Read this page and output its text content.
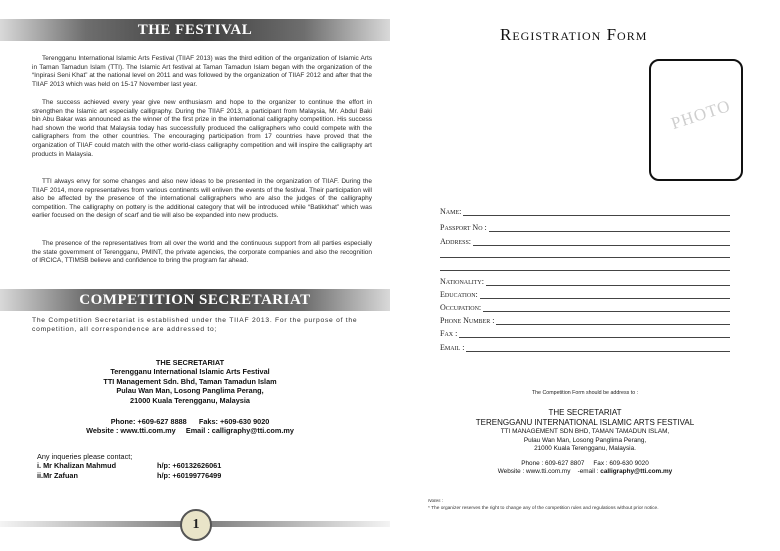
THE FESTIVAL

Terengganu International Islamic Arts Festival (TIIAF 2013) was the third edition of the organization of Islamic Arts in Taman Tamadun Islam (TTI). The Islamic Art festival at Taman Tamadun Islam began with the organization of the “Inpirasi Seni Khat” at the national level on 2011 and was followed by the organization of TIIAF 2012 and after that the TIIAF 2013 which was held on 15-17 November last year.

The success achieved every year give new enthusiasm and hope to the organizer to continue the effort in strengthen the Islamic art especially calligraphy. During the TIIAF 2013, a participant from Malaysia, Mr. Abdul Baki bin Abu Bakar was announced as the winner of the first prize in the international calligraphy competition. His success had shown the world that Malaysia today has successfully produced the calligraphers who could compete with the calligraphers from the other countries. The encouraging participation from 17 countries have proved that the organization of TIIAF could match with the other world-class calligraphy competition and will inspire the calligraphy art products in Malaysia.

TTI always envy for some changes and also new ideas to be presented in the organization of TIIAF. During the TIIAF 2014, more representatives from various continents will enliven the events of the festival. Their participation will also be affected by the presence of the international calligraphers who are also the judges of the calligraphy competition. The calligraphy on pottery is the additional category that will be introduced while “Batikkhat” which was earlier focused on the design of scarf and tie will also be expanded into new products.

The presence of the representatives from all over the world and the continuous support from all parties especially the state government of Terengganu, PMINT, the private agencies, the corporate companies and also the recognition of IRCICA, TTIMSB believe and confidence to bring the program far ahead.

COMPETITION SECRETARIAT

The Competition Secretariat is established under the TIIAF 2013. For the purpose of the competition, all correspondence are addressed to;

THE SECRETARIAT
Terengganu International Islamic Arts Festival
TTI Management Sdn. Bhd, Taman Tamadun Islam
Pulau Wan Man, Losong Panglima Perang,
21000 Kuala Terengganu, Malaysia
Phone: +609-627 8888 Faks: +609-630 9020
Website : www.tti.com.my Email : calligraphy@tti.com.my
Any inqueries please contact;
i. Mr Khalizan Mahmud	h/p: +60132626061
ii.Mr Zafuan	h/p: +60199776499
1
Registration Form
PHOTO
Name:
Passport No :
Address:
Nationality:
Education:
Occupation:
Phone Number :
Fax :
Email :
The Competition Form should be address to :
THE SECRETARIAT
TERENGGANU INTERNATIONAL ISLAMIC ARTS FESTIVAL
TTI MANAGEMENT SDN BHD, TAMAN TAMADUN ISLAM,
Pulau Wan Man, Losong Panglima Perang,
21000 Kuala Terengganu, Malaysia.
Phone : 609-627 8807 Fax : 609-630 9020
Website : www.tti.com.my -email : calligraphy@tti.com.my
Notes :
* The organizer reserves the right to change any of the competition rules and regulations without prior notice.
